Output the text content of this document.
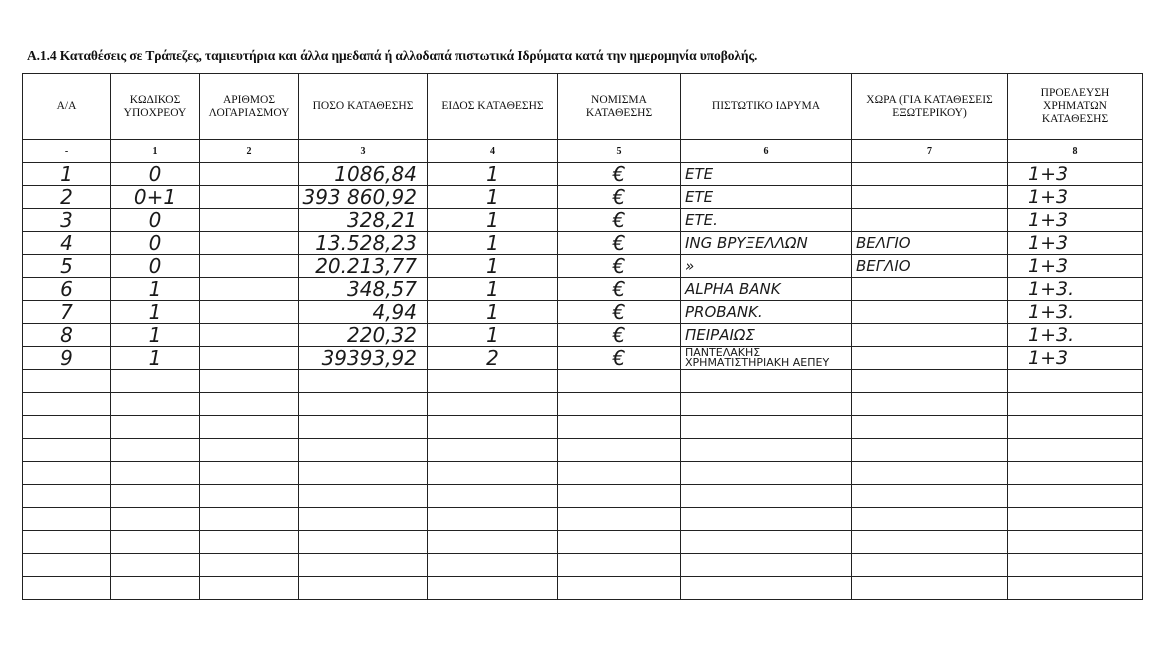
Α.1.4 Καταθέσεις σε Τράπεζες, ταμιευτήρια και άλλα ημεδαπά ή αλλοδαπά πιστωτικά Ιδρύματα κατά την ημερομηνία υποβολής.
Α/Α	ΚΩΔΙΚΟΣ ΥΠΟΧΡΕΟΥ	ΑΡΙΘΜΟΣ ΛΟΓΑΡΙΑΣΜΟΥ	ΠΟΣΟ ΚΑΤΑΘΕΣΗΣ	ΕΙΔΟΣ ΚΑΤΑΘΕΣΗΣ	ΝΟΜΙΣΜΑ ΚΑΤΑΘΕΣΗΣ	ΠΙΣΤΩΤΙΚΟ ΙΔΡΥΜΑ	ΧΩΡΑ (ΓΙΑ ΚΑΤΑΘΕΣΕΙΣ ΕΞΩΤΕΡΙΚΟΥ)	ΠΡΟΕΛΕΥΣΗ ΧΡΗΜΑΤΩΝ ΚΑΤΑΘΕΣΗΣ
-	1	2	3	4	5	6	7	8

1	0		1086,84	1	€	ΕΤΕ		1+3

2	0+1		393 860,92	1	€	ΕΤΕ		1+3

3	0		328,21	1	€	ΕΤΕ.		1+3

4	0		13.528,23	1	€	ING ΒΡΥΞΕΛΛΩΝ	ΒΕΛΓΙΟ	1+3

5	0		20.213,77	1	€	»	ΒΕΓΛΙΟ	1+3

6	1		348,57	1	€	ALPHA BANK		1+3.

7	1		4,94	1	€	PROBANK.		1+3.

8	1		220,32	1	€	ΠΕΙΡΑΙΩΣ		1+3.

9	1		39393,92	2	€	ΠΑΝΤΕΛΑΚΗΣ
ΧΡΗΜΑΤΙΣΤΗΡΙΑΚΗ ΑΕΠΕΥ		1+3
